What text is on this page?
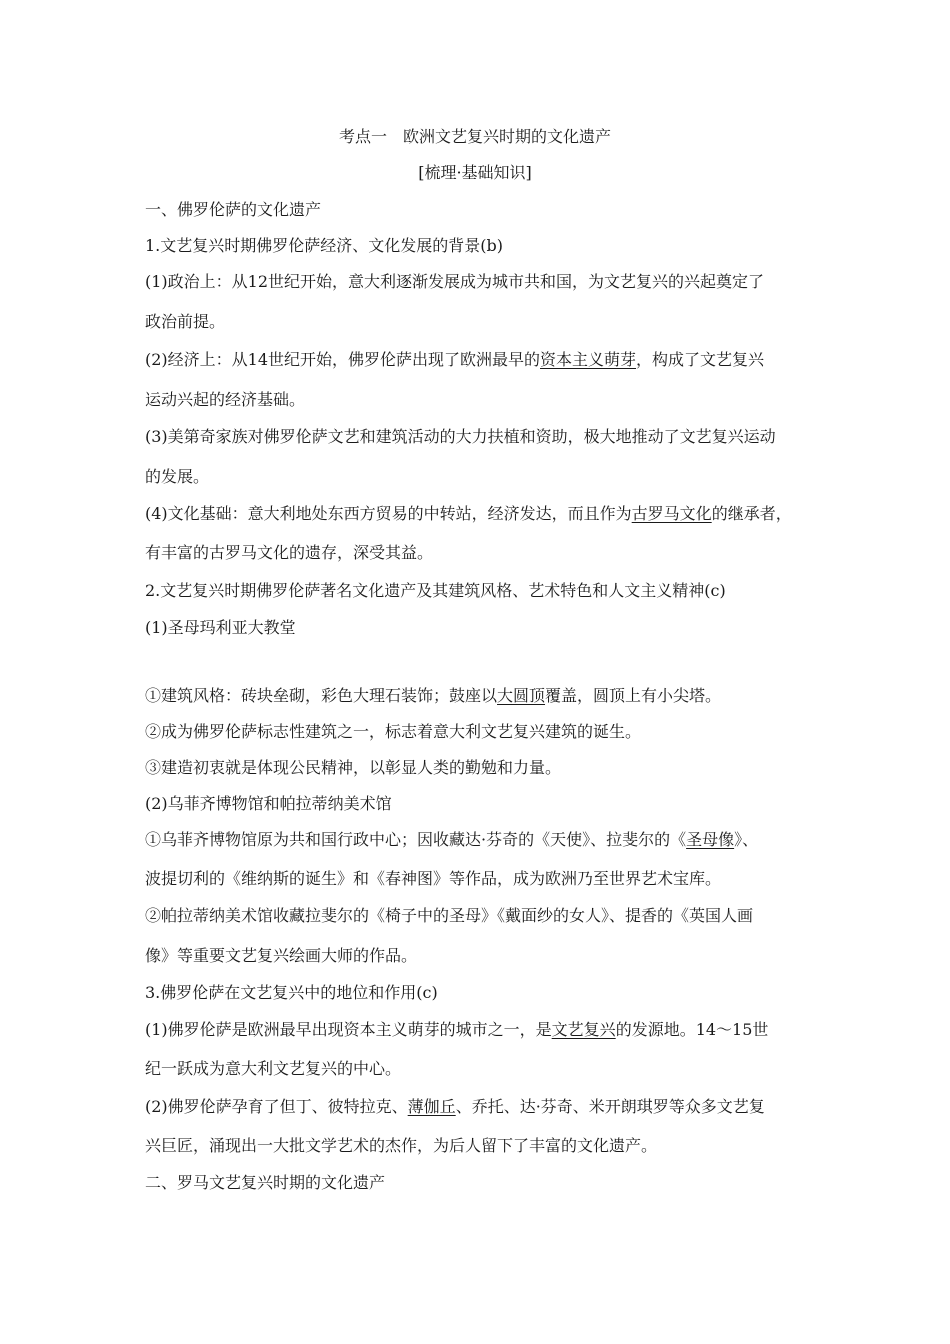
考点一　欧洲文艺复兴时期的文化遗产
[梳理·基础知识]
一、佛罗伦萨的文化遗产
1.文艺复兴时期佛罗伦萨经济、文化发展的背景(b)
(1)政治上：从12世纪开始，意大利逐渐发展成为城市共和国，为文艺复兴的兴起奠定了
政治前提。
(2)经济上：从14世纪开始，佛罗伦萨出现了欧洲最早的资本主义萌芽，构成了文艺复兴
运动兴起的经济基础。
(3)美第奇家族对佛罗伦萨文艺和建筑活动的大力扶植和资助，极大地推动了文艺复兴运动
的发展。
(4)文化基础：意大利地处东西方贸易的中转站，经济发达，而且作为古罗马文化的继承者，
有丰富的古罗马文化的遗存，深受其益。
2.文艺复兴时期佛罗伦萨著名文化遗产及其建筑风格、艺术特色和人文主义精神(c)
(1)圣母玛利亚大教堂
①建筑风格：砖块垒砌，彩色大理石装饰；鼓座以大圆顶覆盖，圆顶上有小尖塔。
②成为佛罗伦萨标志性建筑之一，标志着意大利文艺复兴建筑的诞生。
③建造初衷就是体现公民精神，以彰显人类的勤勉和力量。
(2)乌菲齐博物馆和帕拉蒂纳美术馆
①乌菲齐博物馆原为共和国行政中心；因收藏达·芬奇的《天使》、拉斐尔的《圣母像》、
波提切利的《维纳斯的诞生》和《春神图》等作品，成为欧洲乃至世界艺术宝库。
②帕拉蒂纳美术馆收藏拉斐尔的《椅子中的圣母》《戴面纱的女人》、提香的《英国人画
像》等重要文艺复兴绘画大师的作品。
3.佛罗伦萨在文艺复兴中的地位和作用(c)
(1)佛罗伦萨是欧洲最早出现资本主义萌芽的城市之一，是文艺复兴的发源地。14～15世
纪一跃成为意大利文艺复兴的中心。
(2)佛罗伦萨孕育了但丁、彼特拉克、薄伽丘、乔托、达·芬奇、米开朗琪罗等众多文艺复
兴巨匠，涌现出一大批文学艺术的杰作，为后人留下了丰富的文化遗产。
二、罗马文艺复兴时期的文化遗产
